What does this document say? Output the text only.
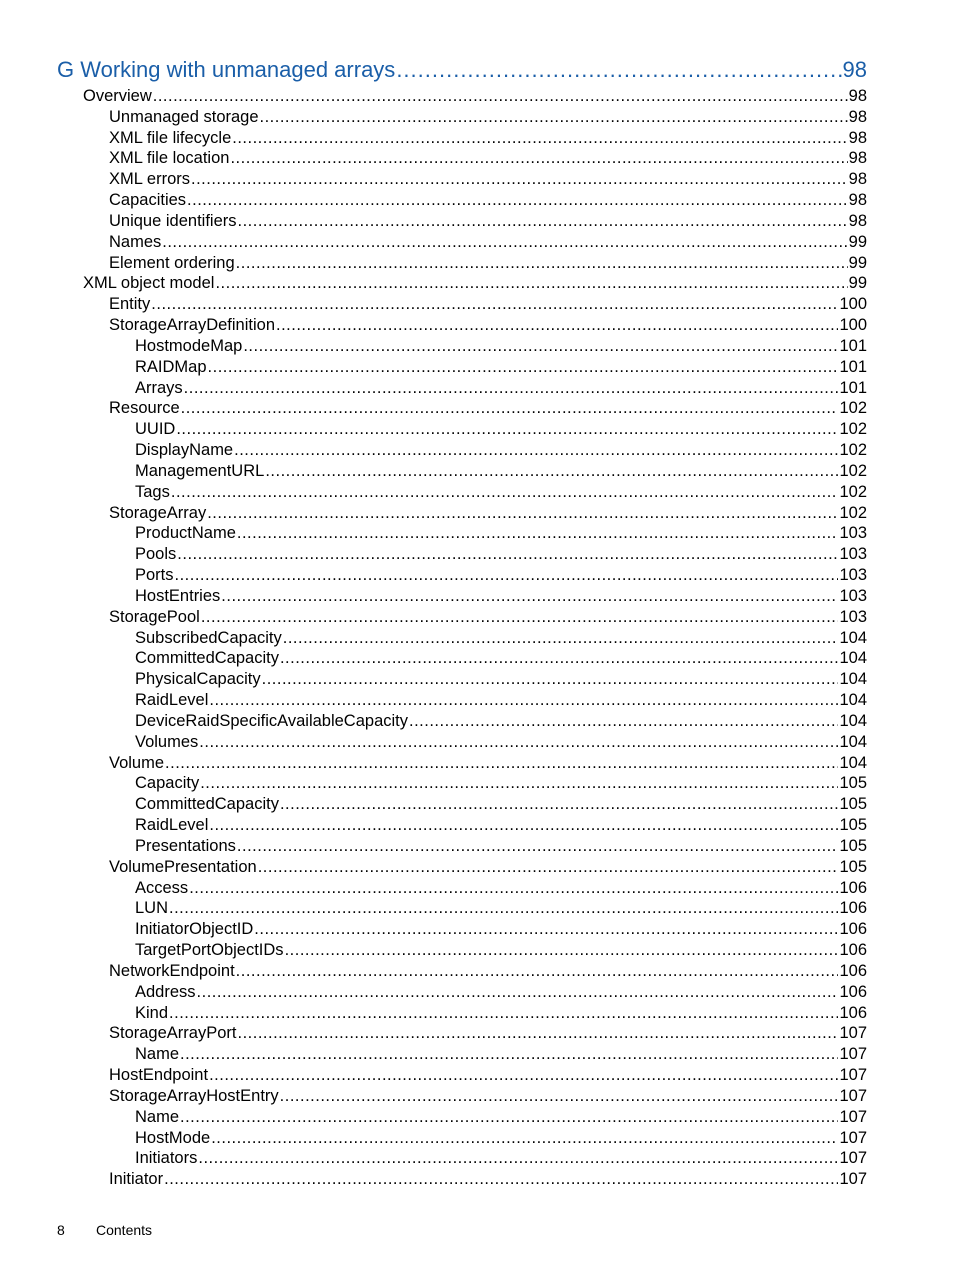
G Working with unmanaged arrays .....	98
Overview .....	98
Unmanaged storage .....	98
XML file lifecycle .....	98
XML file location .....	98
XML errors .....	98
Capacities .....	98
Unique identifiers .....	98
Names .....	99
Element ordering .....	99
XML object model .....	99
Entity .....	100
StorageArrayDefinition .....	100
HostmodeMap .....	101
RAIDMap .....	101
Arrays .....	101
Resource .....	102
UUID .....	102
DisplayName .....	102
ManagementURL .....	102
Tags .....	102
StorageArray .....	102
ProductName .....	103
Pools .....	103
Ports .....	103
HostEntries .....	103
StoragePool .....	103
SubscribedCapacity .....	104
CommittedCapacity .....	104
PhysicalCapacity .....	104
RaidLevel .....	104
DeviceRaidSpecificAvailableCapacity .....	104
Volumes .....	104
Volume .....	104
Capacity .....	105
CommittedCapacity .....	105
RaidLevel .....	105
Presentations .....	105
VolumePresentation .....	105
Access .....	106
LUN .....	106
InitiatorObjectID .....	106
TargetPortObjectIDs .....	106
NetworkEndpoint .....	106
Address .....	106
Kind .....	106
StorageArrayPort .....	107
Name .....	107
HostEndpoint .....	107
StorageArrayHostEntry .....	107
Name .....	107
HostMode .....	107
Initiators .....	107
Initiator .....	107
8 Contents
